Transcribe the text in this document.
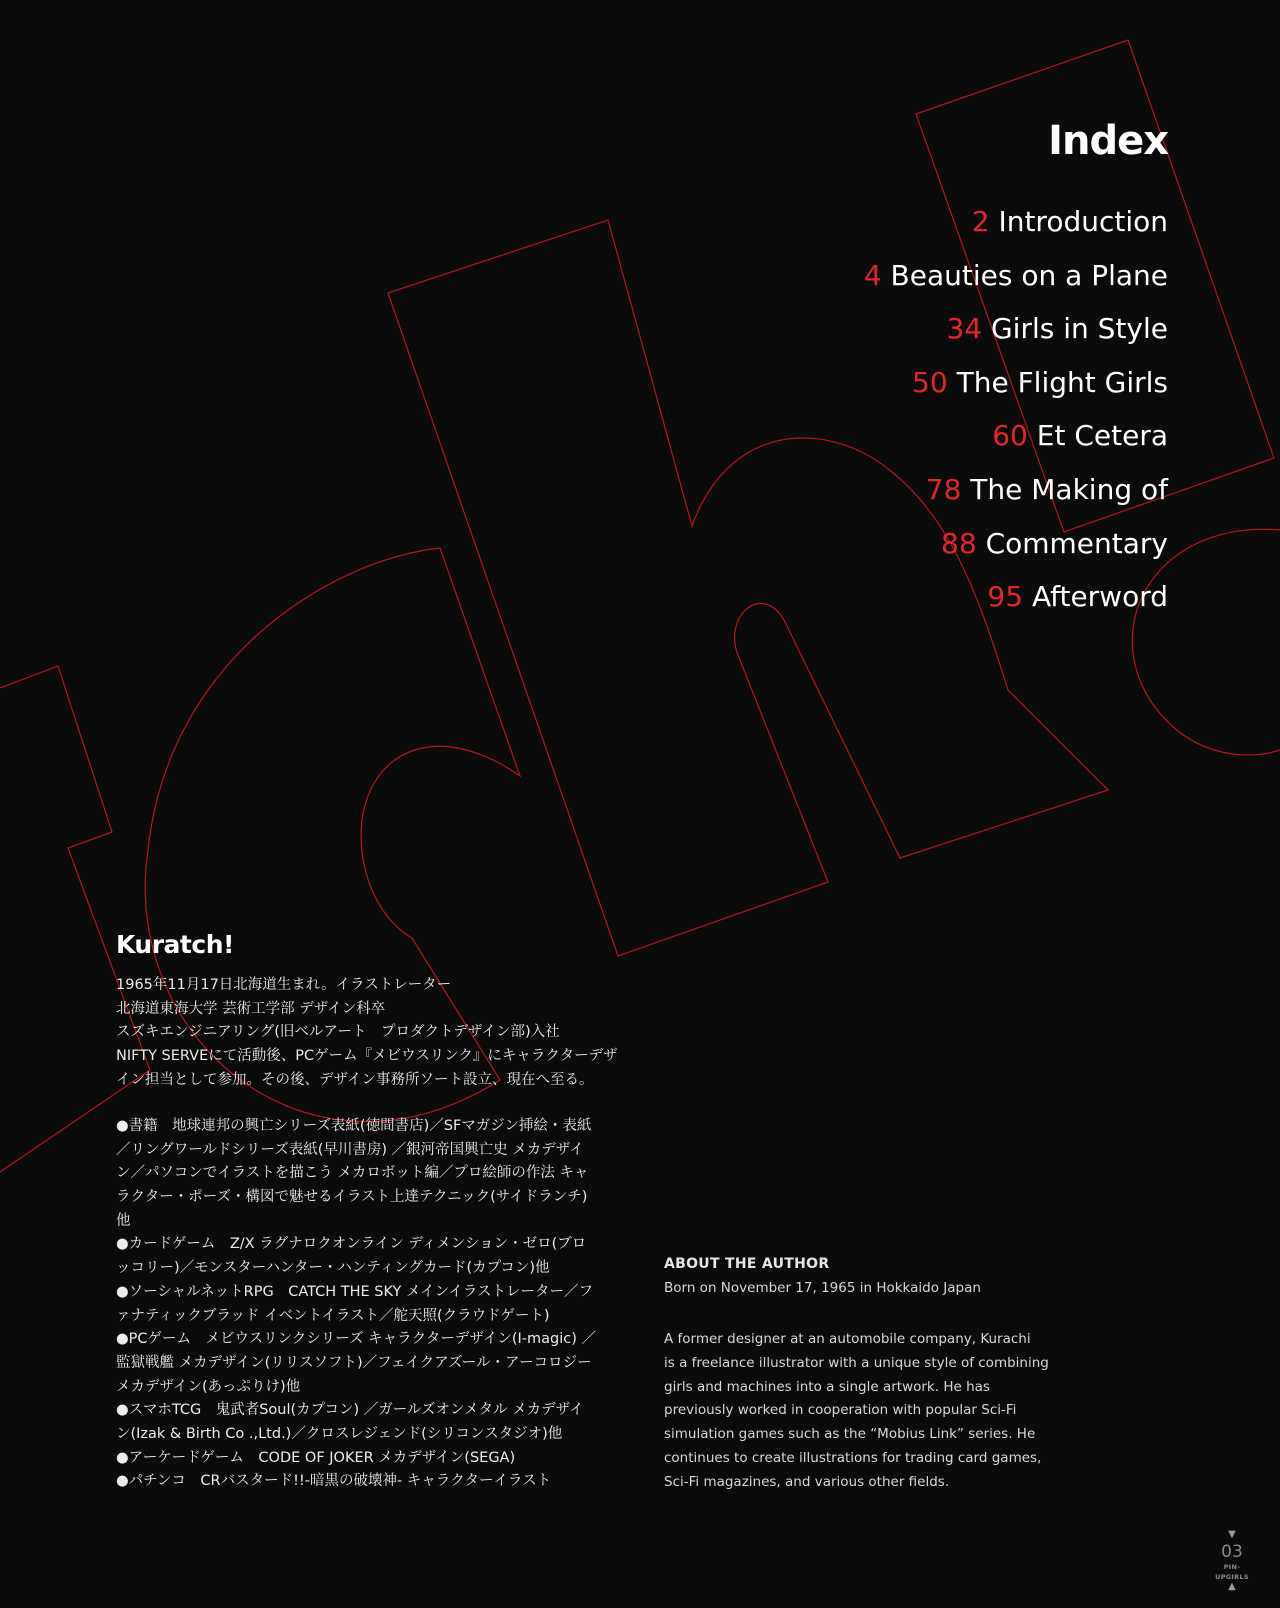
Index
2 Introduction
4 Beauties on a Plane
34 Girls in Style
50 The Flight Girls
60 Et Cetera
78 The Making of
88 Commentary
95 Afterword
Kuratch!
1965年11月17日北海道生まれ。イラストレーター
北海道東海大学 芸術工学部 デザイン科卒
スズキエンジニアリング(旧ベルアート　プロダクトデザイン部)入社
NIFTY SERVEにて活動後、PCゲーム『メビウスリンク』にキャラクターデザ
イン担当として参加。その後、デザイン事務所ソート設立、現在へ至る。
●書籍　地球連邦の興亡シリーズ表紙(徳間書店)／SFマガジン挿絵・表紙
／リングワールドシリーズ表紙(早川書房) ／銀河帝国興亡史 メカデザイ
ン／パソコンでイラストを描こう メカロボット編／プロ絵師の作法 キャ
ラクター・ポーズ・構図で魅せるイラスト上達テクニック(サイドランチ)
他
●カードゲーム　Z/X ラグナロクオンライン ディメンション・ゼロ(ブロ
ッコリー)／モンスターハンター・ハンティングカード(カプコン)他
●ソーシャルネットRPG　CATCH THE SKY メインイラストレーター／フ
ァナティックブラッド イベントイラスト／舵天照(クラウドゲート)
●PCゲーム　メビウスリンクシリーズ キャラクターデザイン(I-magic) ／
監獄戦艦 メカデザイン(リリスソフト)／フェイクアズール・アーコロジー
メカデザイン(あっぷりけ)他
●スマホTCG　鬼武者Soul(カプコン) ／ガールズオンメタル メカデザイ
ン(Izak & Birth Co .,Ltd.)／クロスレジェンド(シリコンスタジオ)他
●アーケードゲーム　CODE OF JOKER メカデザイン(SEGA)
●パチンコ　CRバスタード!!-暗黒の破壊神- キャラクターイラスト
ABOUT THE AUTHOR
Born on November 17, 1965 in Hokkaido Japan
A former designer at an automobile company, Kurachi
is a freelance illustrator with a unique style of combining
girls and machines into a single artwork. He has
previously worked in cooperation with popular Sci-Fi
simulation games such as the “Mobius Link” series. He
continues to create illustrations for trading card games,
Sci-Fi magazines, and various other fields.
▼
03
PIN-UPGIRLS
▲
